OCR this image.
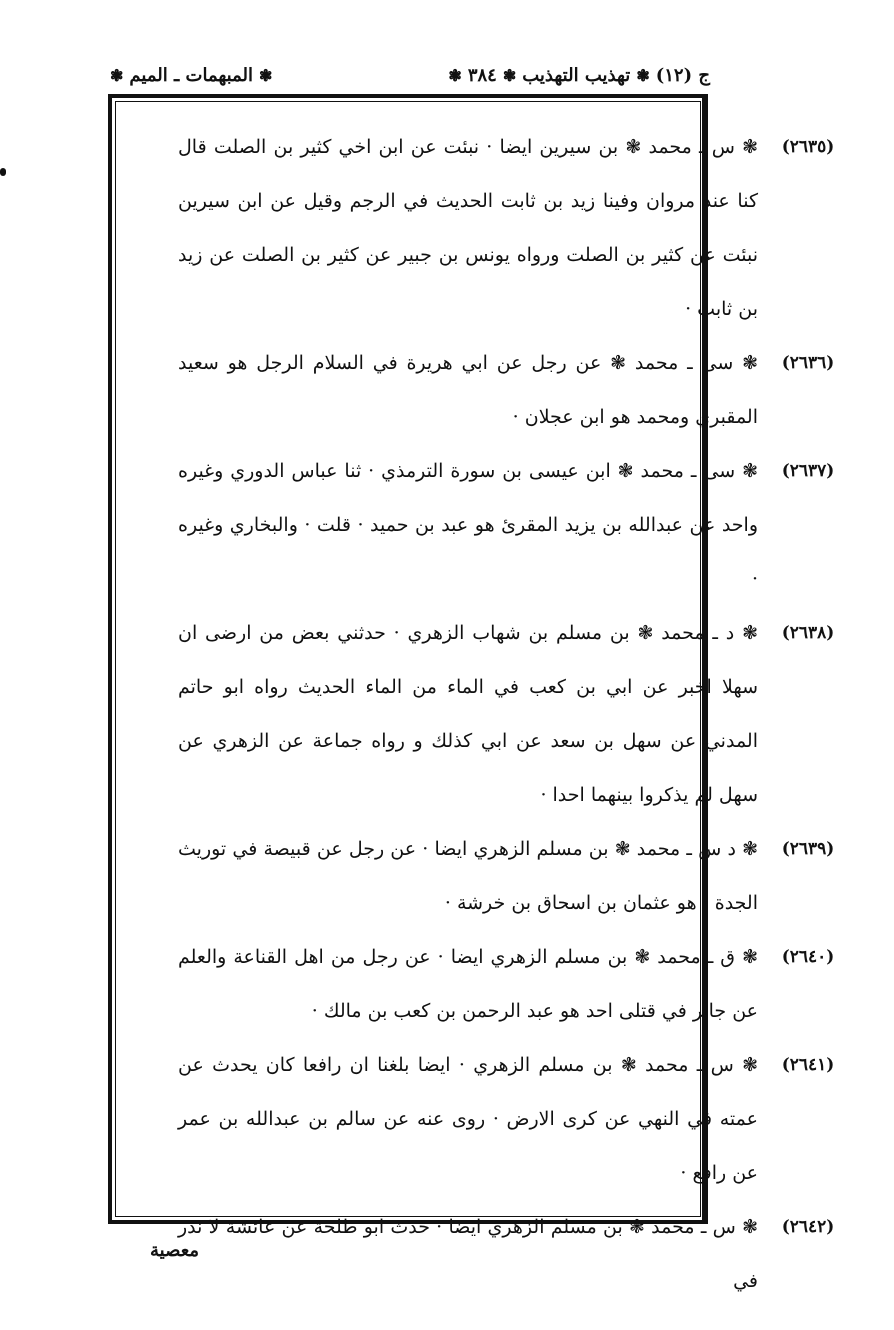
ج (١٢)
❃
تهذيب التهذيب
❃
٣٨٤
❃
❃
المبهمات ـ الميم
❃
(٢٦٣٥)
❃ س ـ محمد ❃ بن سيرين ايضا · نبئت عن ابن اخي كثير بن الصلت قال كنا عند مروان وفينا زيد بن ثابت الحديث في الرجم وقيل عن ابن سيرين نبئت عن كثير بن الصلت ورواه يونس بن جبير عن كثير بن الصلت عن زيد بن ثابت ·
(٢٦٣٦)
❃ سى ـ محمد ❃ عن رجل عن ابي هريرة في السلام الرجل هو سعيد المقبري ومحمد هو ابن عجلان ·
(٢٦٣٧)
❃ سى ـ محمد ❃ ابن عيسى بن سورة الترمذي · ثنا عباس الدوري وغيره واحد عن عبدالله بن يزيد المقرئ هو عبد بن حميد · قلت · والبخاري وغيره ·
(٢٦٣٨)
❃ د ـ محمد ❃ بن مسلم بن شهاب الزهري · حدثني بعض من ارضى ان سهلا اخبر عن ابي بن كعب في الماء من الماء الحديث رواه ابو حاتم المدني عن سهل بن سعد عن ابي كذلك و رواه جماعة عن الزهري عن سهل لم يذكروا بينهما احدا ·
(٢٦٣٩)
❃ د س ـ محمد ❃ بن مسلم الزهري ايضا · عن رجل عن قبيصة في توريث الجدة · هو عثمان بن اسحاق بن خرشة ·
(٢٦٤٠)
❃ ق ـ محمد ❃ بن مسلم الزهري ايضا · عن رجل من اهل القناعة والعلم عن جابر في قتلى احد هو عبد الرحمن بن كعب بن مالك ·
(٢٦٤١)
❃ س ـ محمد ❃ بن مسلم الزهري · ايضا بلغنا ان رافعا كان يحدث عن عمته في النهي عن كرى الارض · روى عنه عن سالم بن عبدالله بن عمر عن رافع ·
(٢٦٤٢)
❃ س ـ محمد ❃ بن مسلم الزهري ايضا · حدث ابو طلحة عن عائشة لا نذر في
معصية
